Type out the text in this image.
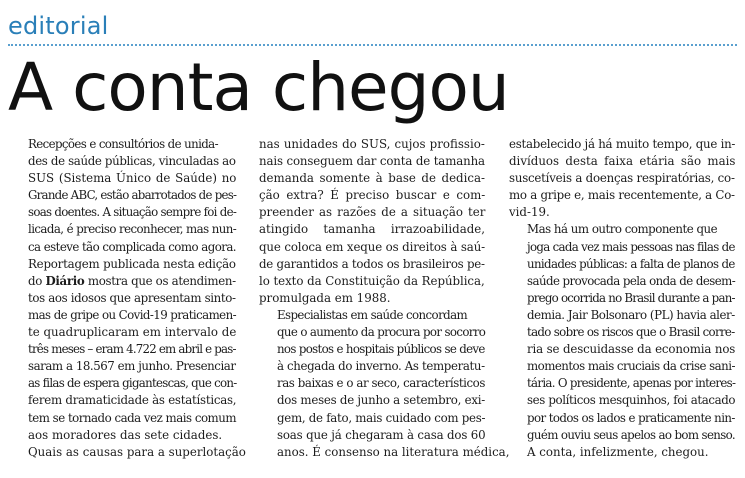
editorial
A conta chegou

Recepções e consultórios de unida-
des de saúde públicas, vinculadas ao
SUS (Sistema Único de Saúde) no
Grande ABC, estão abarrotados de pes-
soas doentes. A situação sempre foi de-
licada, é preciso reconhecer, mas nun-
ca esteve tão complicada como agora.
Reportagem publicada nesta edição
do Diário mostra que os atendimen-
tos aos idosos que apresentam sinto-
mas de gripe ou Covid-19 praticamen-
te quadruplicaram em intervalo de
três meses – eram 4.722 em abril e pas-
saram a 18.567 em junho. Presenciar
as filas de espera gigantescas, que con-
ferem dramaticidade às estatísticas,
tem se tornado cada vez mais comum
aos moradores das sete cidades.

Quais as causas para a superlotação

nas unidades do SUS, cujos profissio-
nais conseguem dar conta de tamanha
demanda somente à base de dedica-
ção extra? É preciso buscar e com-
preender as razões de a situação ter
atingido tamanha irrazoabilidade,
que coloca em xeque os direitos à saú-
de garantidos a todos os brasileiros pe-
lo texto da Constituição da República,
promulgada em 1988.

Especialistas em saúde concordam
que o aumento da procura por socorro
nos postos e hospitais públicos se deve
à chegada do inverno. As temperatu-
ras baixas e o ar seco, característicos
dos meses de junho a setembro, exi-
gem, de fato, mais cuidado com pes-
soas que já chegaram à casa dos 60
anos. É consenso na literatura médica,

estabelecido já há muito tempo, que in-
divíduos desta faixa etária são mais
suscetíveis a doenças respiratórias, co-
mo a gripe e, mais recentemente, a Co-
vid-19.

Mas há um outro componente que
joga cada vez mais pessoas nas filas de
unidades públicas: a falta de planos de
saúde provocada pela onda de desem-
prego ocorrida no Brasil durante a pan-
demia. Jair Bolsonaro (PL) havia aler-
tado sobre os riscos que o Brasil corre-
ria se descuidasse da economia nos
momentos mais cruciais da crise sani-
tária. O presidente, apenas por interes-
ses políticos mesquinhos, foi atacado
por todos os lados e praticamente nin-
guém ouviu seus apelos ao bom senso.
A conta, infelizmente, chegou.
